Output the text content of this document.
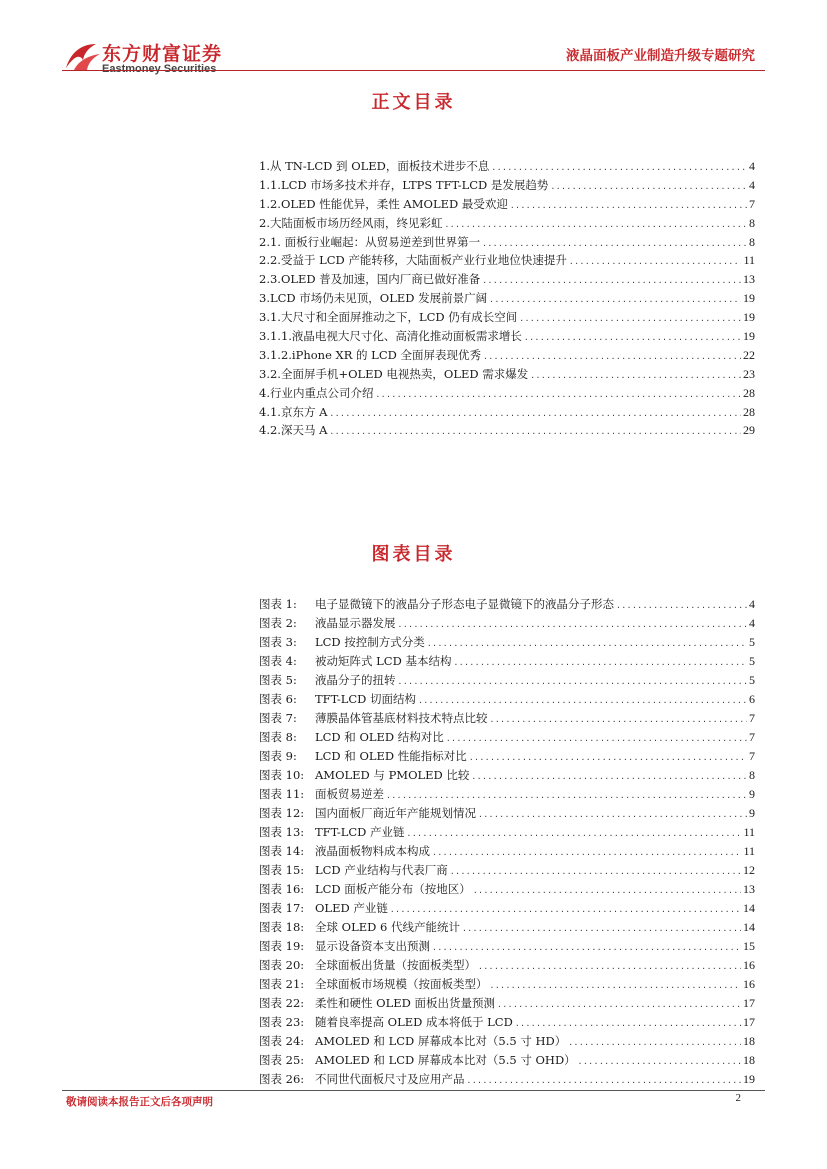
东方财富证券
Eastmoney Securities
液晶面板产业制造升级专题研究
正文目录
1.从 TN-LCD 到 OLED，面板技术进步不息 .....	4
1.1.LCD 市场多技术并存，LTPS TFT-LCD 是发展趋势 .....	4
1.2.OLED 性能优异，柔性 AMOLED 最受欢迎 .....	7
2.大陆面板市场历经风雨，终见彩虹 .....	8
2.1. 面板行业崛起：从贸易逆差到世界第一 .....	8
2.2.受益于 LCD 产能转移，大陆面板产业行业地位快速提升 .....	11
2.3.OLED 普及加速，国内厂商已做好准备 .....	13
3.LCD 市场仍未见顶，OLED 发展前景广阔 .....	19
3.1.大尺寸和全面屏推动之下，LCD 仍有成长空间 .....	19
3.1.1.液晶电视大尺寸化、高清化推动面板需求增长 .....	19
3.1.2.iPhone XR 的 LCD 全面屏表现优秀 .....	22
3.2.全面屏手机+OLED 电视热卖，OLED 需求爆发 .....	23
4.行业内重点公司介绍 .....	28
4.1.京东方 A .....	28
4.2.深天马 A .....	29
图表目录
图表 1:	电子显微镜下的液晶分子形态电子显微镜下的液晶分子形态 .....	4
图表 2:	液晶显示器发展 .....	4
图表 3:	LCD 按控制方式分类 .....	5
图表 4:	被动矩阵式 LCD 基本结构 .....	5
图表 5:	液晶分子的扭转 .....	5
图表 6:	TFT-LCD 切面结构 .....	6
图表 7:	薄膜晶体管基底材料技术特点比较 .....	7
图表 8:	LCD 和 OLED 结构对比 .....	7
图表 9:	LCD 和 OLED 性能指标对比 .....	7
图表 10: AMOLED 与 PMOLED 比较 .....	8
图表 11: 面板贸易逆差 .....	9
图表 12: 国内面板厂商近年产能规划情况 .....	9
图表 13: TFT-LCD 产业链 .....	11
图表 14: 液晶面板物料成本构成 .....	11
图表 15: LCD 产业结构与代表厂商 .....	12
图表 16: LCD 面板产能分布（按地区） .....	13
图表 17: OLED 产业链 .....	14
图表 18: 全球 OLED 6 代线产能统计 .....	14
图表 19: 显示设备资本支出预测 .....	15
图表 20: 全球面板出货量（按面板类型） .....	16
图表 21: 全球面板市场规模（按面板类型） .....	16
图表 22: 柔性和硬性 OLED 面板出货量预测 .....	17
图表 23: 随着良率提高 OLED 成本将低于 LCD .....	17
图表 24: AMOLED 和 LCD 屏幕成本比对（5.5 寸 HD） .....	18
图表 25: AMOLED 和 LCD 屏幕成本比对（5.5 寸 OHD） .....	18
图表 26: 不同世代面板尺寸及应用产品 .....	19
敬请阅读本报告正文后各项声明	2
